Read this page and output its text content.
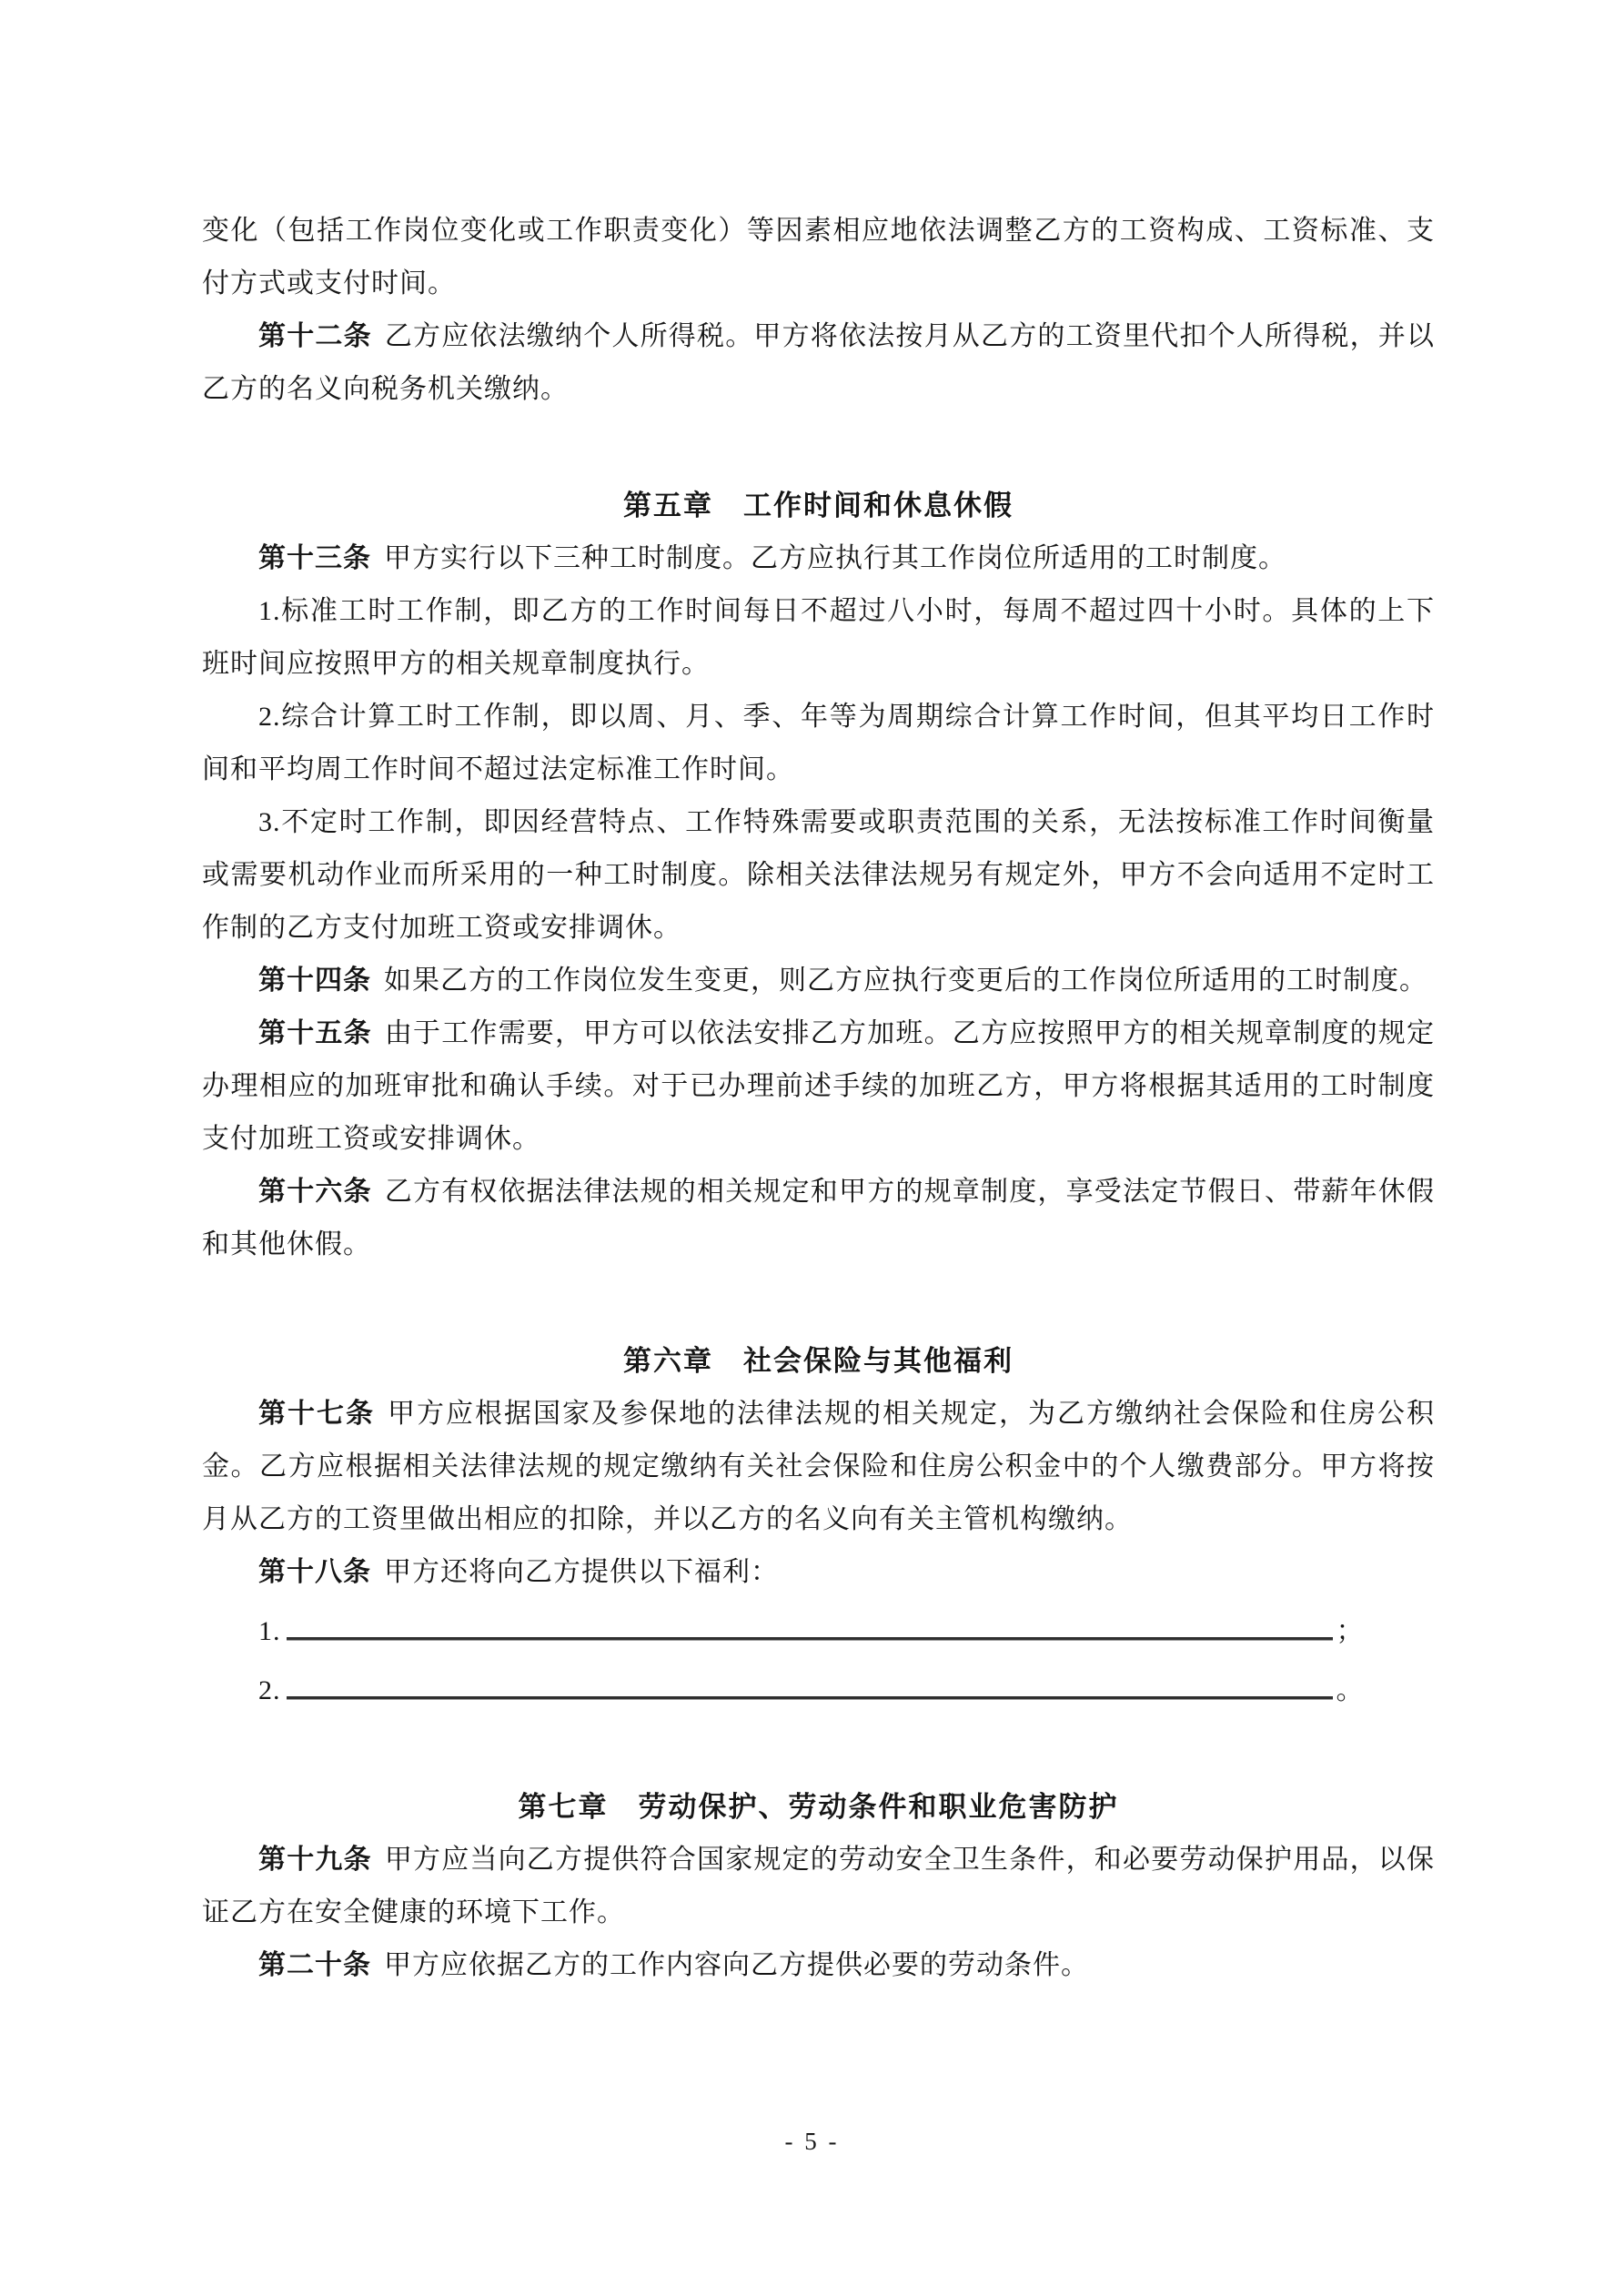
变化（包括工作岗位变化或工作职责变化）等因素相应地依法调整乙方的工资构成、工资标准、支付方式或支付时间。

第十二条 乙方应依法缴纳个人所得税。甲方将依法按月从乙方的工资里代扣个人所得税，并以乙方的名义向税务机关缴纳。

第五章　工作时间和休息休假

第十三条 甲方实行以下三种工时制度。乙方应执行其工作岗位所适用的工时制度。

1.标准工时工作制，即乙方的工作时间每日不超过八小时，每周不超过四十小时。具体的上下班时间应按照甲方的相关规章制度执行。

2.综合计算工时工作制，即以周、月、季、年等为周期综合计算工作时间，但其平均日工作时间和平均周工作时间不超过法定标准工作时间。

3.不定时工作制，即因经营特点、工作特殊需要或职责范围的关系，无法按标准工作时间衡量或需要机动作业而所采用的一种工时制度。除相关法律法规另有规定外，甲方不会向适用不定时工作制的乙方支付加班工资或安排调休。

第十四条 如果乙方的工作岗位发生变更，则乙方应执行变更后的工作岗位所适用的工时制度。

第十五条 由于工作需要，甲方可以依法安排乙方加班。乙方应按照甲方的相关规章制度的规定办理相应的加班审批和确认手续。对于已办理前述手续的加班乙方，甲方将根据其适用的工时制度支付加班工资或安排调休。

第十六条 乙方有权依据法律法规的相关规定和甲方的规章制度，享受法定节假日、带薪年休假和其他休假。

第六章　社会保险与其他福利

第十七条 甲方应根据国家及参保地的法律法规的相关规定，为乙方缴纳社会保险和住房公积金。乙方应根据相关法律法规的规定缴纳有关社会保险和住房公积金中的个人缴费部分。甲方将按月从乙方的工资里做出相应的扣除，并以乙方的名义向有关主管机构缴纳。

第十八条 甲方还将向乙方提供以下福利：

1.	；
2.	。
第七章　劳动保护、劳动条件和职业危害防护

第十九条 甲方应当向乙方提供符合国家规定的劳动安全卫生条件，和必要劳动保护用品，以保证乙方在安全健康的环境下工作。

第二十条 甲方应依据乙方的工作内容向乙方提供必要的劳动条件。

- 5 -
